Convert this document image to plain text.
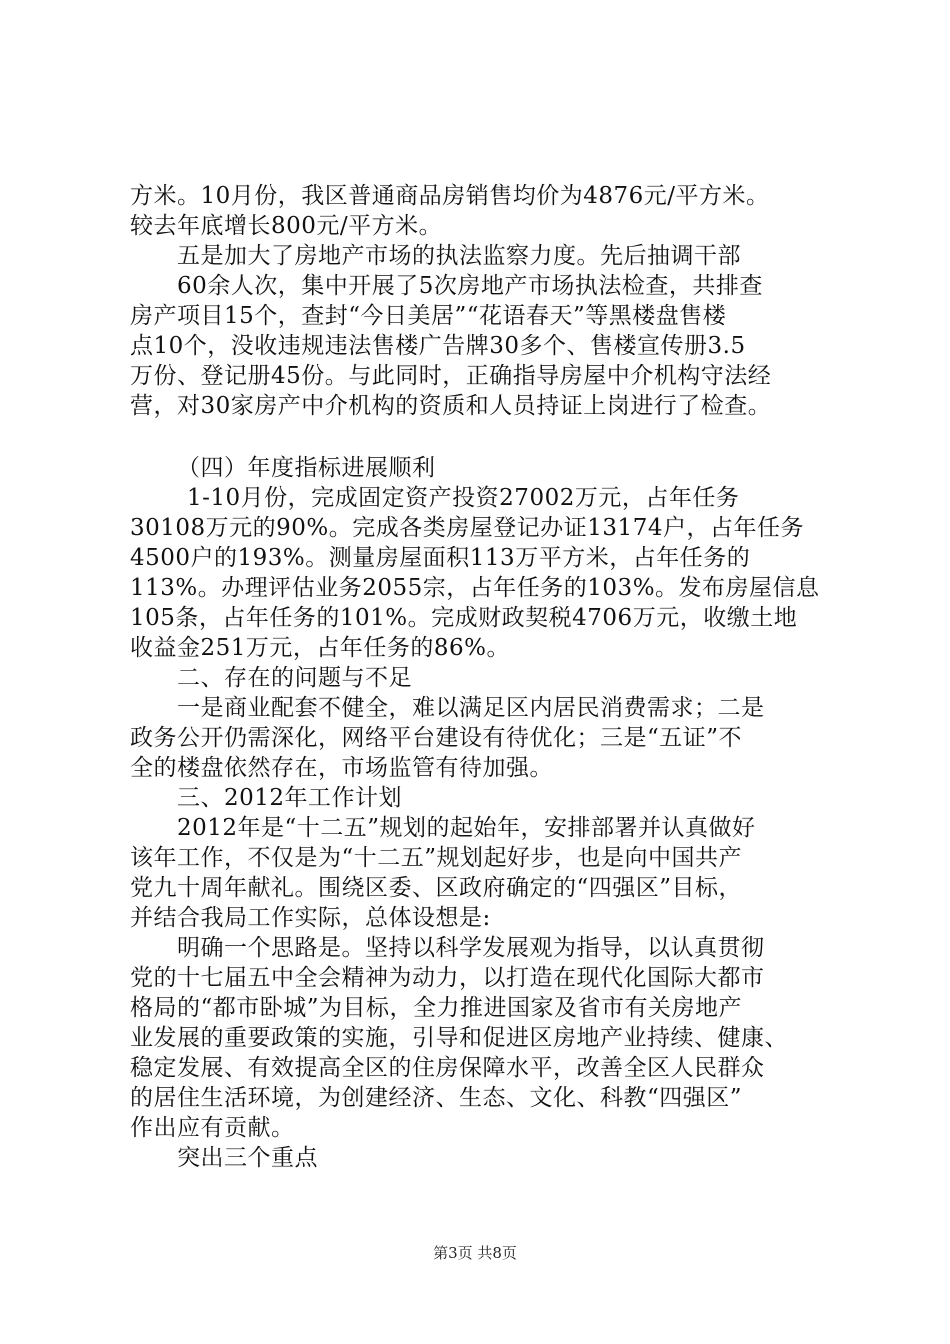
方米。10月份，我区普通商品房销售均价为4876元/平方米。
较去年底增长800元/平方米。
五是加大了房地产市场的执法监察力度。先后抽调干部
60余人次，集中开展了5次房地产市场执法检查，共排查
房产项目15个，查封“今日美居”“花语春天”等黑楼盘售楼
点10个，没收违规违法售楼广告牌30多个、售楼宣传册3.5
万份、登记册45份。与此同时，正确指导房屋中介机构守法经
营，对30家房产中介机构的资质和人员持证上岗进行了检查。
（四）年度指标进展顺利
1-10月份，完成固定资产投资27002万元，占年任务
30108万元的90%。完成各类房屋登记办证13174户，占年任务
4500户的193%。测量房屋面积113万平方米，占年任务的
113%。办理评估业务2055宗，占年任务的103%。发布房屋信息
105条，占年任务的101%。完成财政契税4706万元，收缴土地
收益金251万元，占年任务的86%。
二、存在的问题与不足
一是商业配套不健全，难以满足区内居民消费需求；二是
政务公开仍需深化，网络平台建设有待优化；三是“五证”不
全的楼盘依然存在，市场监管有待加强。
三、2012年工作计划
2012年是“十二五”规划的起始年，安排部署并认真做好
该年工作，不仅是为“十二五”规划起好步，也是向中国共产
党九十周年献礼。围绕区委、区政府确定的“四强区”目标，
并结合我局工作实际，总体设想是:
明确一个思路是。坚持以科学发展观为指导，以认真贯彻
党的十七届五中全会精神为动力，以打造在现代化国际大都市
格局的“都市卧城”为目标，全力推进国家及省市有关房地产
业发展的重要政策的实施，引导和促进区房地产业持续、健康、
稳定发展、有效提高全区的住房保障水平，改善全区人民群众
的居住生活环境，为创建经济、生态、文化、科教“四强区”
作出应有贡献。
突出三个重点
第3页 共8页
